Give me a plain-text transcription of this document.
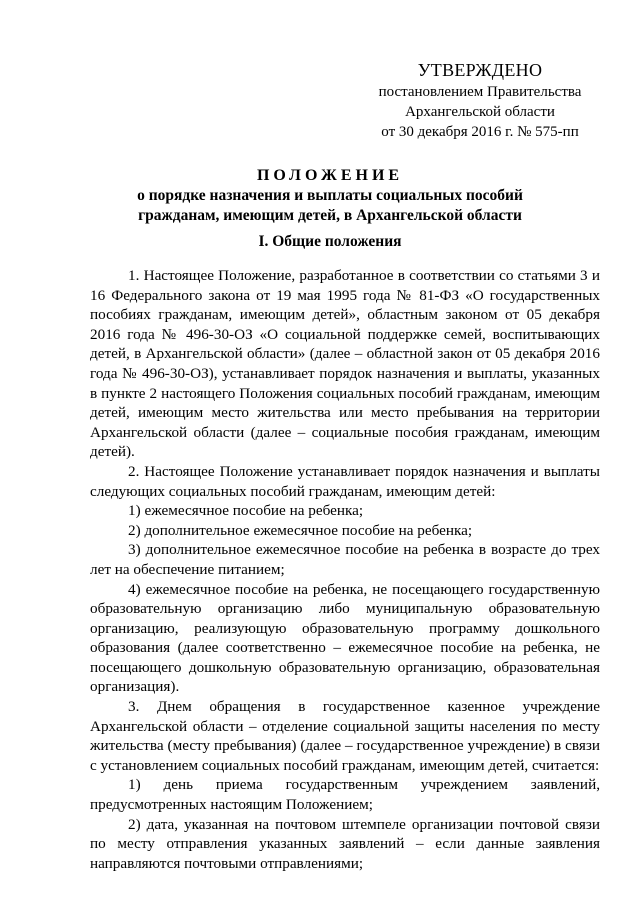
УТВЕРЖДЕНО
постановлением Правительства
Архангельской области
от 30 декабря 2016 г. № 575-пп
ПОЛОЖЕНИЕ
о порядке назначения и выплаты социальных пособий
гражданам, имеющим детей, в Архангельской области
I. Общие положения

1. Настоящее Положение, разработанное в соответствии со статьями 3 и 16 Федерального закона от 19 мая 1995 года № 81-ФЗ «О государственных пособиях гражданам, имеющим детей», областным законом от 05 декабря 2016 года № 496-30-ОЗ «О социальной поддержке семей, воспитывающих детей, в Архангельской области» (далее – областной закон от 05 декабря 2016 года № 496-30-ОЗ), устанавливает порядок назначения и выплаты, указанных в пункте 2 настоящего Положения социальных пособий гражданам, имеющим детей, имеющим место жительства или место пребывания на территории Архангельской области (далее – социальные пособия гражданам, имеющим детей).

2. Настоящее Положение устанавливает порядок назначения и выплаты следующих социальных пособий гражданам, имеющим детей:

1) ежемесячное пособие на ребенка;

2) дополнительное ежемесячное пособие на ребенка;

3) дополнительное ежемесячное пособие на ребенка в возрасте до трех лет на обеспечение питанием;

4) ежемесячное пособие на ребенка, не посещающего государственную образовательную организацию либо муниципальную образовательную организацию, реализующую образовательную программу дошкольного образования (далее соответственно – ежемесячное пособие на ребенка, не посещающего дошкольную образовательную организацию, образовательная организация).

3. Днем обращения в государственное казенное учреждение Архангельской области – отделение социальной защиты населения по месту жительства (месту пребывания) (далее – государственное учреждение) в связи с установлением социальных пособий гражданам, имеющим детей, считается:

1) день приема государственным учреждением заявлений, предусмотренных настоящим Положением;

2) дата, указанная на почтовом штемпеле организации почтовой связи по месту отправления указанных заявлений – если данные заявления направляются почтовыми отправлениями;
